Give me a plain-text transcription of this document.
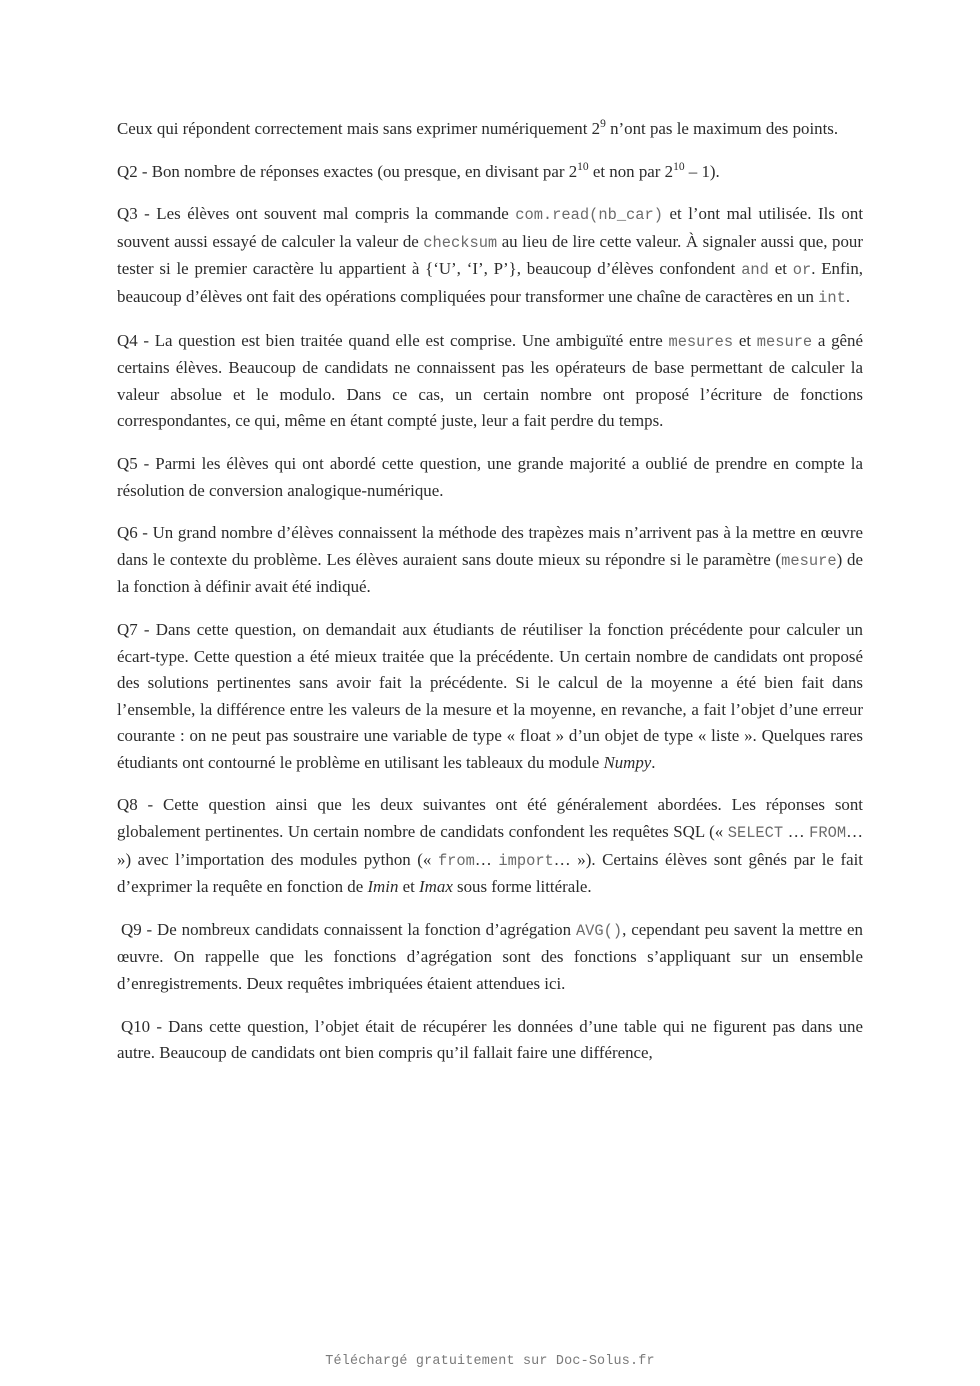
Ceux qui répondent correctement mais sans exprimer numériquement $2^9$ n’ont pas le maximum des points.

Q2 - Bon nombre de réponses exactes (ou presque, en divisant par $2^{10}$ et non par $2^{10} - 1$).

Q3 - Les élèves ont souvent mal compris la commande com.read(nb_car) et l’ont mal utilisée. Ils ont souvent aussi essayé de calculer la valeur de checksum au lieu de lire cette valeur. À signaler aussi que, pour tester si le premier caractère lu appartient à {‘U’, ‘I’, P’}, beaucoup d’élèves confondent and et or. Enfin, beaucoup d’élèves ont fait des opérations compliquées pour transformer une chaîne de caractères en un int.

Q4 - La question est bien traitée quand elle est comprise. Une ambiguïté entre mesures et mesure a gêné certains élèves. Beaucoup de candidats ne connaissent pas les opérateurs de base permettant de calculer la valeur absolue et le modulo. Dans ce cas, un certain nombre ont proposé l’écriture de fonctions correspondantes, ce qui, même en étant compté juste, leur a fait perdre du temps.

Q5 - Parmi les élèves qui ont abordé cette question, une grande majorité a oublié de prendre en compte la résolution de conversion analogique-numérique.

Q6 - Un grand nombre d’élèves connaissent la méthode des trapèzes mais n’arrivent pas à la mettre en œuvre dans le contexte du problème. Les élèves auraient sans doute mieux su répondre si le paramètre (mesure) de la fonction à définir avait été indiqué.

Q7 - Dans cette question, on demandait aux étudiants de réutiliser la fonction précédente pour calculer un écart-type. Cette question a été mieux traitée que la précédente. Un certain nombre de candidats ont proposé des solutions pertinentes sans avoir fait la précédente. Si le calcul de la moyenne a été bien fait dans l’ensemble, la différence entre les valeurs de la mesure et la moyenne, en revanche, a fait l’objet d’une erreur courante : on ne peut pas soustraire une variable de type « float » d’un objet de type « liste ». Quelques rares étudiants ont contourné le problème en utilisant les tableaux du module Numpy.

Q8 - Cette question ainsi que les deux suivantes ont été généralement abordées. Les réponses sont globalement pertinentes. Un certain nombre de candidats confondent les requêtes SQL (« SELECT … FROM… ») avec l’importation des modules python (« from… import… »). Certains élèves sont gênés par le fait d’exprimer la requête en fonction de Imin et Imax sous forme littérale.

Q9 - De nombreux candidats connaissent la fonction d’agrégation AVG(), cependant peu savent la mettre en œuvre. On rappelle que les fonctions d’agrégation sont des fonctions s’appliquant sur un ensemble d’enregistrements. Deux requêtes imbriquées étaient attendues ici.

Q10 - Dans cette question, l’objet était de récupérer les données d’une table qui ne figurent pas dans une autre. Beaucoup de candidats ont bien compris qu’il fallait faire une différence,

Téléchargé gratuitement sur Doc-Solus.fr
